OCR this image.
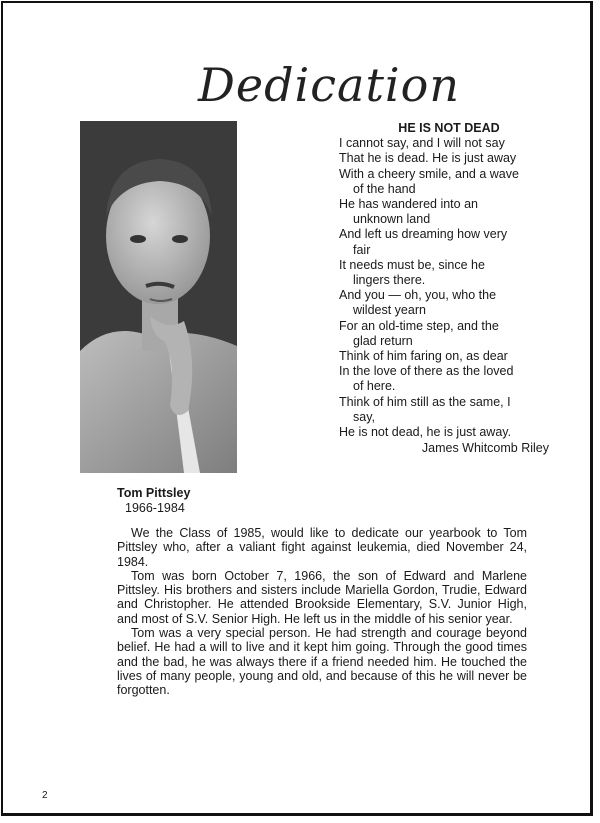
Dedication
HE IS NOT DEAD
I cannot say, and I will not say
That he is dead. He is just away
With a cheery smile, and a wave
of the hand
He has wandered into an
unknown land
And left us dreaming how very
fair
It needs must be, since he
lingers there.
And you — oh, you, who the
wildest yearn
For an old-time step, and the
glad return
Think of him faring on, as dear
In the love of there as the loved
of here.
Think of him still as the same, I
say,
He is not dead, he is just away.
James Whitcomb Riley
Tom Pittsley
1966-1984

We the Class of 1985, would like to dedicate our yearbook to Tom Pittsley who, after a valiant fight against leukemia, died November 24, 1984.

Tom was born October 7, 1966, the son of Edward and Marlene Pittsley. His brothers and sisters include Mariella Gordon, Trudie, Edward and Christopher. He attended Brookside Elementary, S.V. Junior High, and most of S.V. Senior High. He left us in the middle of his senior year.

Tom was a very special person. He had strength and courage beyond belief. He had a will to live and it kept him going. Through the good times and the bad, he was always there if a friend needed him. He touched the lives of many people, young and old, and because of this he will never be forgotten.

2
